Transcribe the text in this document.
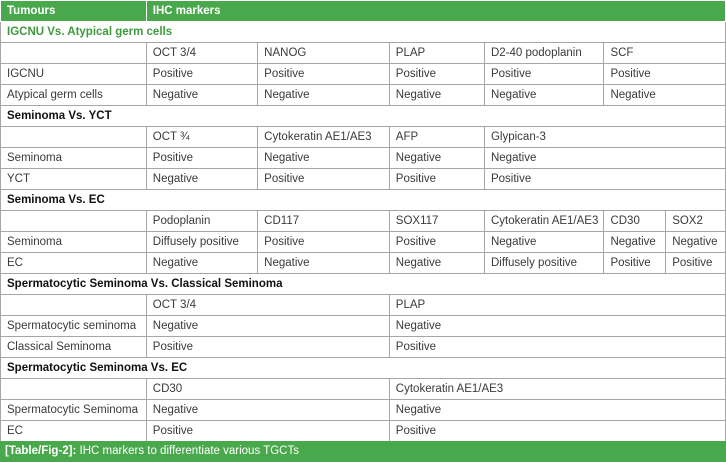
Tumours	IHC markers					
IGCNU Vs. Atypical germ cells						
	OCT 3/4	NANOG	PLAP	D2-40 podoplanin	SCF	
IGCNU	Positive	Positive	Positive	Positive	Positive	
Atypical germ cells	Negative	Negative	Negative	Negative	Negative	
Seminoma Vs. YCT						
	OCT ¾	Cytokeratin AE1/AE3	AFP	Glypican-3		
Seminoma	Positive	Negative	Negative	Negative		
YCT	Negative	Positive	Positive	Positive		
Seminoma Vs. EC						
	Podoplanin	CD117	SOX117	Cytokeratin AE1/AE3	CD30	SOX2
Seminoma	Diffusely positive	Positive	Positive	Negative	Negative	Negative
EC	Negative	Negative	Negative	Diffusely positive	Positive	Positive
Spermatocytic Seminoma Vs. Classical Seminoma						
	OCT 3/4		PLAP			
Spermatocytic seminoma	Negative		Negative			
Classical Seminoma	Positive		Positive			
Spermatocytic Seminoma Vs. EC						
	CD30		Cytokeratin AE1/AE3			
Spermatocytic Seminoma	Negative		Negative			
EC	Positive		Positive			
[Table/Fig-2]: IHC markers to differentiate various TGCTs
